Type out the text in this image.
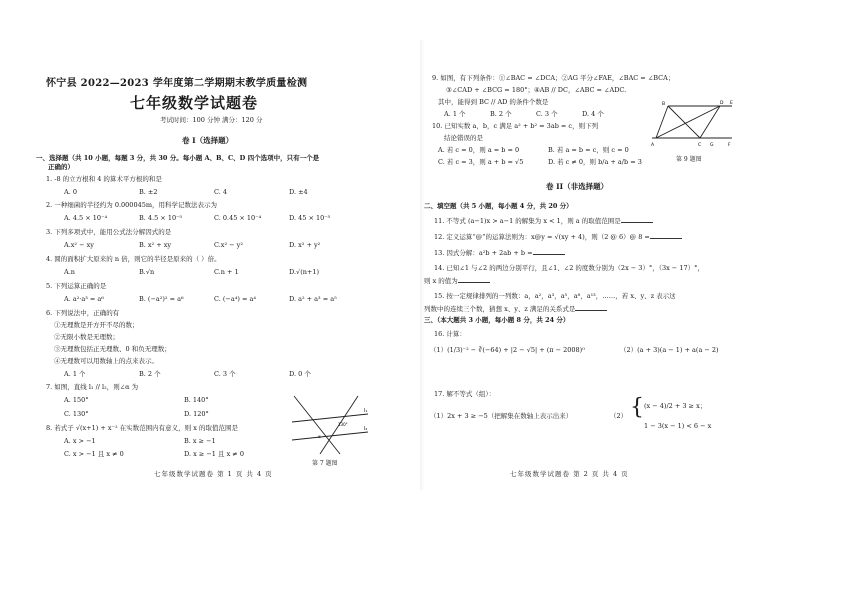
怀宁县 2022—2023 学年度第二学期期末教学质量检测
七年级数学试题卷
考试时间：100 分钟 满分：120 分
卷 I（选择题）
一、选择题（共 10 小题，每题 3 分，共 30 分。每小题 A、B、C、D 四个选项中，只有一个是
正确的）
1. -8 的立方根和 4 的算术平方根的和是
A. 0	B. ±2	C. 4	D. ±4
2. 一种细菌的半径约为 0.000045m，用科学记数法表示为
A. 4.5 × 10⁻⁴	B. 4.5 × 10⁻⁵	C. 0.45 × 10⁻⁴	D. 45 × 10⁻⁵
3. 下列多项式中，能用公式法分解因式的是
A.x² − xy	B. x² + xy	C.x² − y²	D. x² + y²
4. 圆的面积扩大原来的 n 倍，则它的半径是原来的（ ）倍。
A.n	B.√n	C.n + 1	D.√(n+1)
5. 下列运算正确的是
A. a²·a³ = a⁶	B. (−a²)² = a⁶	C. (−a⁴) = a⁴	D. a² + a³ = a⁵
6. 下列说法中，正确的有
①无理数是开方开不尽的数；
②无限小数是无理数；
③无理数包括正无理数、0 和负无理数；
④无理数可以用数轴上的点来表示。
A. 1 个	B. 2 个	C. 3 个	D. 0 个
7. 如图，直线 l₁ // l₂，则∠α 为
A. 150°	B. 140°
C. 130°	D. 120°
8. 若式子 √(x+1) + x⁻² 在实数范围内有意义，则 x 的取值范围是
A. x > −1	B. x ≥ −1
C. x > −1 且 x ≠ 0	D. x ≥ −1 且 x ≠ 0
130°
α
l₁
l₂
第 7 题图
七年级数学试题卷 第 1 页 共 4 页
9. 如图，有下列条件：①∠BAC = ∠DCA；②AG 平分∠FAE，∠BAC = ∠BCA；
③∠CAD + ∠BCG = 180°；④AB // DC，∠ABC = ∠ADC.
其中，能得到 BC // AD 的条件个数是
A. 1 个	B. 2 个	C. 3 个	D. 4 个
10. 已知实数 a，b，c 满足 a² + b² = 3ab = c，则下列
结论错误的是
A. 若 c = 0，则 a = b = 0	B. 若 a = b = c，则 c = 0
C. 若 c = 3，则 a + b = √5	D. 若 c ≠ 0，则 b/a + a/b = 3
B
A	F
G
D E
C
第 9 题图
卷 II（非选择题）
二、填空题（共 5 小题，每小题 4 分，共 20 分）
11. 不等式 (a−1)x > a−1 的解集为 x < 1，则 a 的取值范围是
12. 定义运算“@”的运算法则为：x@y = √(xy + 4)，则（2 @ 6）@ 8 =
13. 因式分解：a²b + 2ab + b =
14. 已知∠1 与∠2 的两边分别平行，且∠1、∠2 的度数分别为（2x − 3）°，（3x − 17）°，
则 x 的值为
15. 按一定规律排列的一列数：a，a²，a³，a⁵，a⁸，a¹³，……，若 x、y、z 表示这
列数中的连续三个数，猜想 x、y、z 满足的关系式是
三、（本大题共 3 小题，每小题 8 分，共 24 分）
16. 计算：
（1）(1/3)⁻² − ∛(−64) + |2 − √5| + (π − 2008)⁰	（2）(a + 3)(a − 1) + a(a − 2)
17. 解不等式（组）：
（1）2x + 3 ≥ −5（把解集在数轴上表示出来）	（2） { (x − 4)/2 + 3 ≥ x；
1 − 3(x − 1) < 6 − x
七年级数学试题卷 第 2 页 共 4 页
